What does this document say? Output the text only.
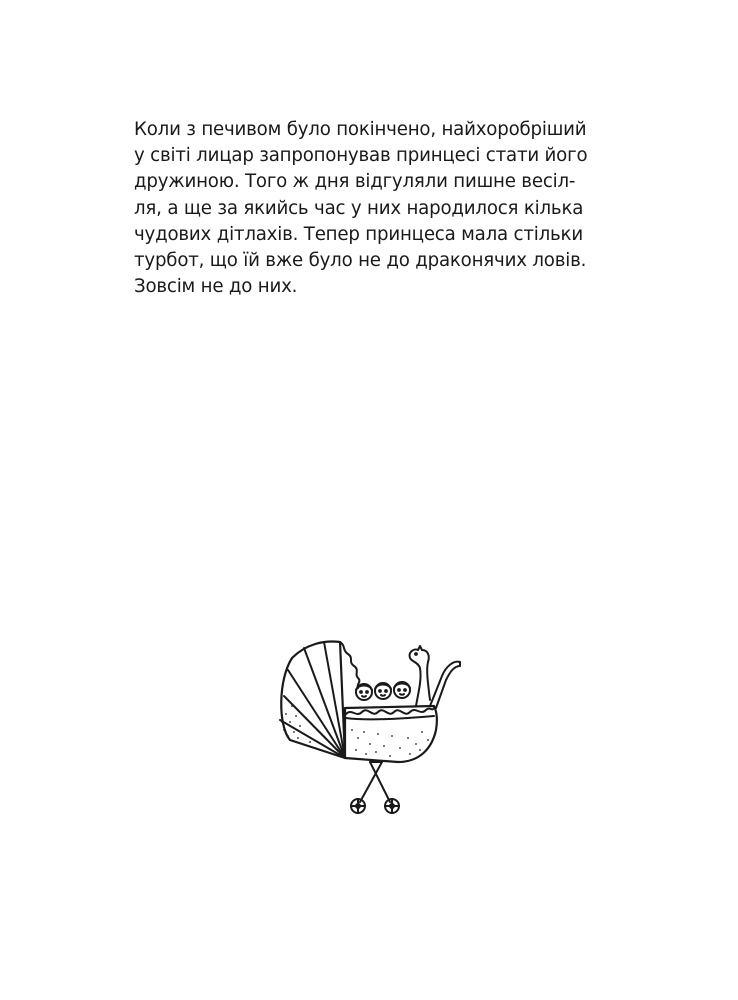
Коли з печивом було покінчено, найхоробріший
у світі лицар запропонував принцесі стати його
дружиною. Того ж дня відгуляли пишне весіл-
ля, а ще за якийсь час у них народилося кілька
чудових дітлахів. Тепер принцеса мала стільки
турбот, що їй вже було не до драконячих ловів.
Зовсім не до них.
